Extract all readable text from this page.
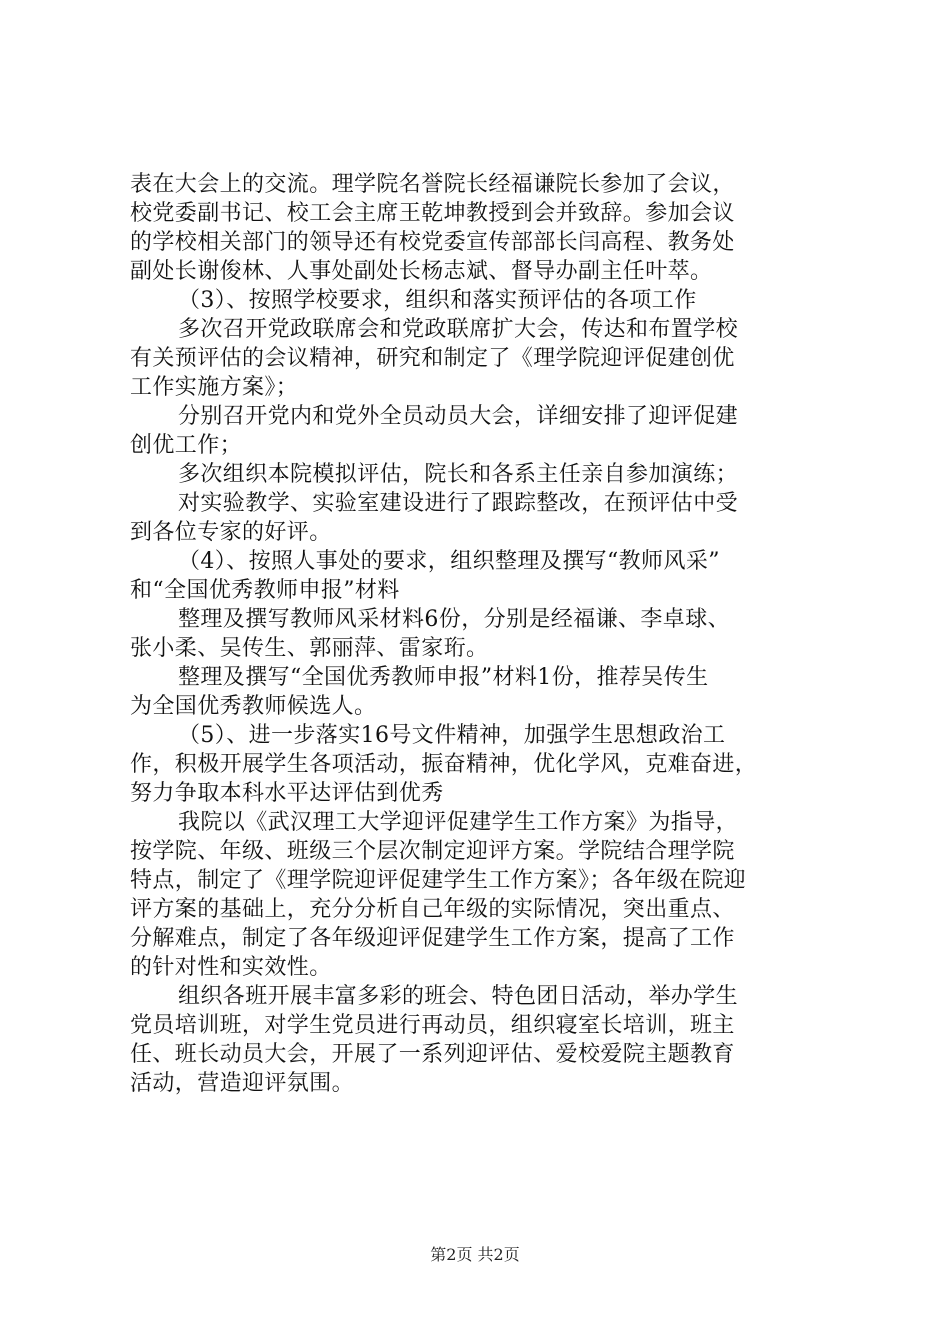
表在大会上的交流。理学院名誉院长经福谦院长参加了会议，
校党委副书记、校工会主席王乾坤教授到会并致辞。参加会议
的学校相关部门的领导还有校党委宣传部部长闫高程、教务处
副处长谢俊林、人事处副处长杨志斌、督导办副主任叶萃。
（3）、按照学校要求，组织和落实预评估的各项工作
多次召开党政联席会和党政联席扩大会，传达和布置学校
有关预评估的会议精神，研究和制定了《理学院迎评促建创优
工作实施方案》；
分别召开党内和党外全员动员大会，详细安排了迎评促建
创优工作；
多次组织本院模拟评估，院长和各系主任亲自参加演练；
对实验教学、实验室建设进行了跟踪整改，在预评估中受
到各位专家的好评。
（4）、按照人事处的要求，组织整理及撰写“教师风采”
和“全国优秀教师申报”材料
整理及撰写教师风采材料6份，分别是经福谦、李卓球、
张小柔、吴传生、郭丽萍、雷家珩。
整理及撰写“全国优秀教师申报”材料1份，推荐吴传生
为全国优秀教师候选人。
（5）、进一步落实16号文件精神，加强学生思想政治工
作，积极开展学生各项活动，振奋精神，优化学风，克难奋进，
努力争取本科水平达评估到优秀
我院以《武汉理工大学迎评促建学生工作方案》为指导，
按学院、年级、班级三个层次制定迎评方案。学院结合理学院
特点，制定了《理学院迎评促建学生工作方案》；各年级在院迎
评方案的基础上，充分分析自己年级的实际情况，突出重点、
分解难点，制定了各年级迎评促建学生工作方案，提高了工作
的针对性和实效性。
组织各班开展丰富多彩的班会、特色团日活动，举办学生
党员培训班，对学生党员进行再动员，组织寝室长培训，班主
任、班长动员大会，开展了一系列迎评估、爱校爱院主题教育
活动，营造迎评氛围。
第2页 共2页
